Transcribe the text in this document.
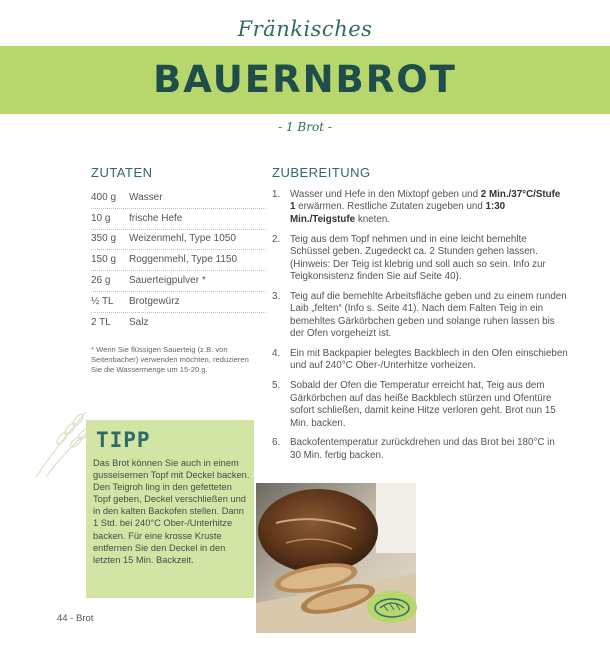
Fränkisches
BAUERNBROT
- 1 Brot -
ZUTATEN
400 g	Wasser
10 g	frische Hefe
350 g	Weizenmehl, Type 1050
150 g	Roggenmehl, Type 1150
26 g	Sauerteigpulver *
½ TL	Brotgewürz
2 TL	Salz
* Wenn Sie flüssigen Sauerteig (z.B. von Seitenbacher) verwenden möchten, reduzieren Sie die Wassermenge um 15-20 g.
ZUBEREITUNG
1.	Wasser und Hefe in den Mixtopf geben und 2 Min./37°C/Stufe 1 erwärmen. Restliche Zutaten zugeben und 1:30 Min./Teigstufe kneten.
2.	Teig aus dem Topf nehmen und in eine leicht bemehlte Schüssel geben. Zugedeckt ca. 2 Stunden gehen lassen. (Hinweis: Der Teig ist klebrig und soll auch so sein. Info zur Teigkonsistenz finden Sie auf Seite 40).
3.	Teig auf die bemehlte Arbeitsfläche geben und zu einem runden Laib „felten“ (Info s. Seite 41). Nach dem Falten Teig in ein bemehltes Gärkörbchen geben und solange ruhen lassen bis der Ofen vorgeheizt ist.
4.	Ein mit Backpapier belegtes Backblech in den Ofen einschieben und auf 240°C Ober-/Unterhitze vorheizen.
5.	Sobald der Ofen die Temperatur erreicht hat, Teig aus dem Gärkörbchen auf das heiße Backblech stürzen und Ofentüre sofort schließen, damit keine Hitze verloren geht. Brot nun 15 Min. backen.
6.	Backofentemperatur zurückdrehen und das Brot bei 180°C in 30 Min. fertig backen.
TIPP
Das Brot können Sie auch in einem gusseisernen Topf mit Deckel backen. Den Teigroh ling in den gefetteten Topf geben, Deckel verschließen und in den kalten Backofen stellen. Dann 1 Std. bei 240°C Ober-/Unterhitze backen. Für eine krosse Kruste entfernen Sie den Deckel in den letzten 15 Min. Backzeit.
44 - Brot
